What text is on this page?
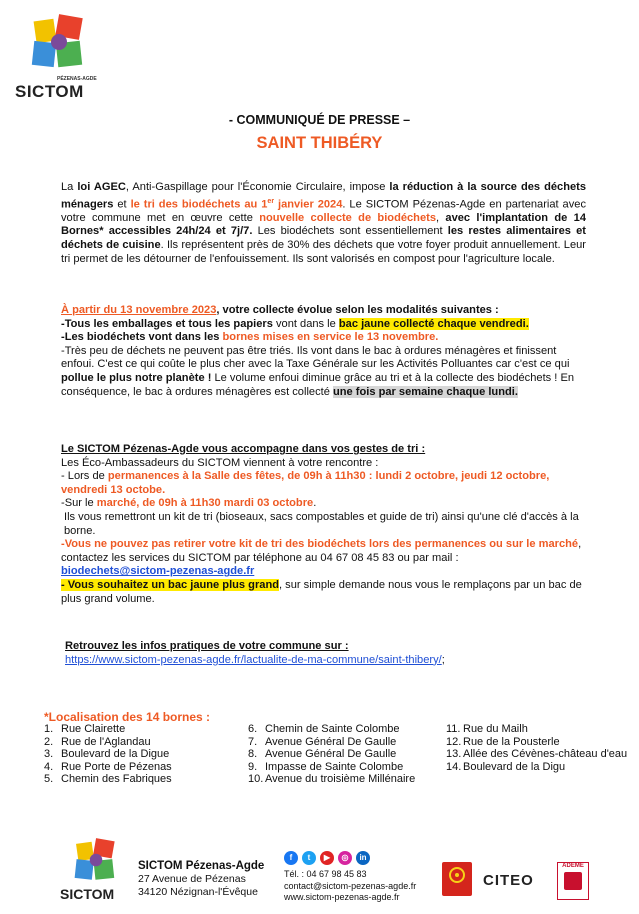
PÉZENAS-AGDE
SICTOM
- COMMUNIQUÉ DE PRESSE –
SAINT THIBÉRY
La loi AGEC, Anti-Gaspillage pour l'Économie Circulaire, impose la réduction à la source des déchets ménagers et le tri des biodéchets au 1er janvier 2024. Le SICTOM Pézenas-Agde en partenariat avec votre commune met en œuvre cette nouvelle collecte de biodéchets, avec l'implantation de 14 Bornes* accessibles 24h/24 et 7j/7. Les biodéchets sont essentiellement les restes alimentaires et déchets de cuisine. Ils représentent près de 30% des déchets que votre foyer produit annuellement. Leur tri permet de les détourner de l'enfouissement. Ils sont valorisés en compost pour l'agriculture locale.
À partir du 13 novembre 2023, votre collecte évolue selon les modalités suivantes :
-Tous les emballages et tous les papiers vont dans le bac jaune collecté chaque vendredi.
-Les biodéchets vont dans les bornes mises en service le 13 novembre.
-Très peu de déchets ne peuvent pas être triés. Ils vont dans le bac à ordures ménagères et finissent enfoui. C'est ce qui coûte le plus cher avec la Taxe Générale sur les Activités Polluantes car c'est ce qui pollue le plus notre planète ! Le volume enfoui diminue grâce au tri et à la collecte des biodéchets ! En conséquence, le bac à ordures ménagères est collecté une fois par semaine chaque lundi.
Le SICTOM Pézenas-Agde vous accompagne dans vos gestes de tri :
Les Éco-Ambassadeurs du SICTOM viennent à votre rencontre :
- Lors de permanences à la Salle des fêtes, de 09h à 11h30 : lundi 2 octobre, jeudi 12 octobre, vendredi 13 octobe.
-Sur le marché, de 09h à 11h30 mardi 03 octobre.
Ils vous remettront un kit de tri (bioseaux, sacs compostables et guide de tri) ainsi qu'une clé d'accès à la borne.
-Vous ne pouvez pas retirer votre kit de tri des biodéchets lors des permanences ou sur le marché, contactez les services du SICTOM par téléphone au 04 67 08 45 83 ou par mail :
biodechets@sictom-pezenas-agde.fr
- Vous souhaitez un bac jaune plus grand, sur simple demande nous vous le remplaçons par un bac de plus grand volume.
Retrouvez les infos pratiques de votre commune sur :
https://www.sictom-pezenas-agde.fr/lactualite-de-ma-commune/saint-thibery/;
*Localisation des 14 bornes :
1. Rue Clairette
2. Rue de l'Aglandau
3. Boulevard de la Digue
4. Rue Porte de Pézenas
5. Chemin des Fabriques
6. Chemin de Sainte Colombe
7. Avenue Général De Gaulle
8. Avenue Général De Gaulle
9. Impasse de Sainte Colombe
10. Avenue du troisième Millénaire
11. Rue du Mailh
12. Rue de la Pousterle
13. Allée des Cévènes-château d'eau
14. Boulevard de la Digu
SICTOM
SICTOM Pézenas-Agde
27 Avenue de Pézenas
34120 Nézignan-l'Évêque
f	t	▶	◎	in
Tél. : 04 67 98 45 83
contact@sictom-pezenas-agde.fr
www.sictom-pezenas-agde.fr
CITEO
ADEME
